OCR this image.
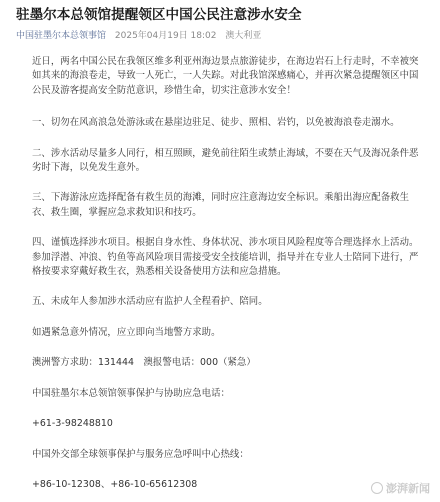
驻墨尔本总领馆提醒领区中国公民注意涉水安全
中国驻墨尔本总领事馆 2025年04月19日 18:02 澳大利亚

近日，两名中国公民在我领区维多利亚州海边景点旅游徒步，在海边岩石上行走时，不幸被突如其来的海浪卷走，导致一人死亡，一人失踪。对此我馆深感痛心，并再次紧急提醒领区中国公民及游客提高安全防范意识，珍惜生命，切实注意涉水安全！

一、切勿在风高浪急处游泳或在悬崖边驻足、徒步、照相、岩钓，以免被海浪卷走溺水。

二、涉水活动尽量多人同行，相互照顾，避免前往陌生或禁止海域，不要在天气及海况条件恶劣时下海，以免发生意外。

三、下海游泳应选择配备有救生员的海滩，同时应注意海边安全标识。乘船出海应配备救生衣、救生圈，掌握应急求救知识和技巧。

四、谨慎选择涉水项目。根据自身水性、身体状况、涉水项目风险程度等合理选择水上活动。参加浮潜、冲浪、钓鱼等高风险项目需接受安全技能培训，指导并在专业人士陪同下进行，严格按要求穿戴好救生衣，熟悉相关设备使用方法和应急措施。

五、未成年人参加涉水活动应有监护人全程看护、陪同。

如遇紧急意外情况，应立即向当地警方求助。

澳洲警方求助：131444　澳报警电话：000（紧急）

中国驻墨尔本总领馆领事保护与协助应急电话：

+61-3-98248810

中国外交部全球领事保护与服务应急呼叫中心热线：

+86-10-12308、+86-10-65612308	澎湃新闻
